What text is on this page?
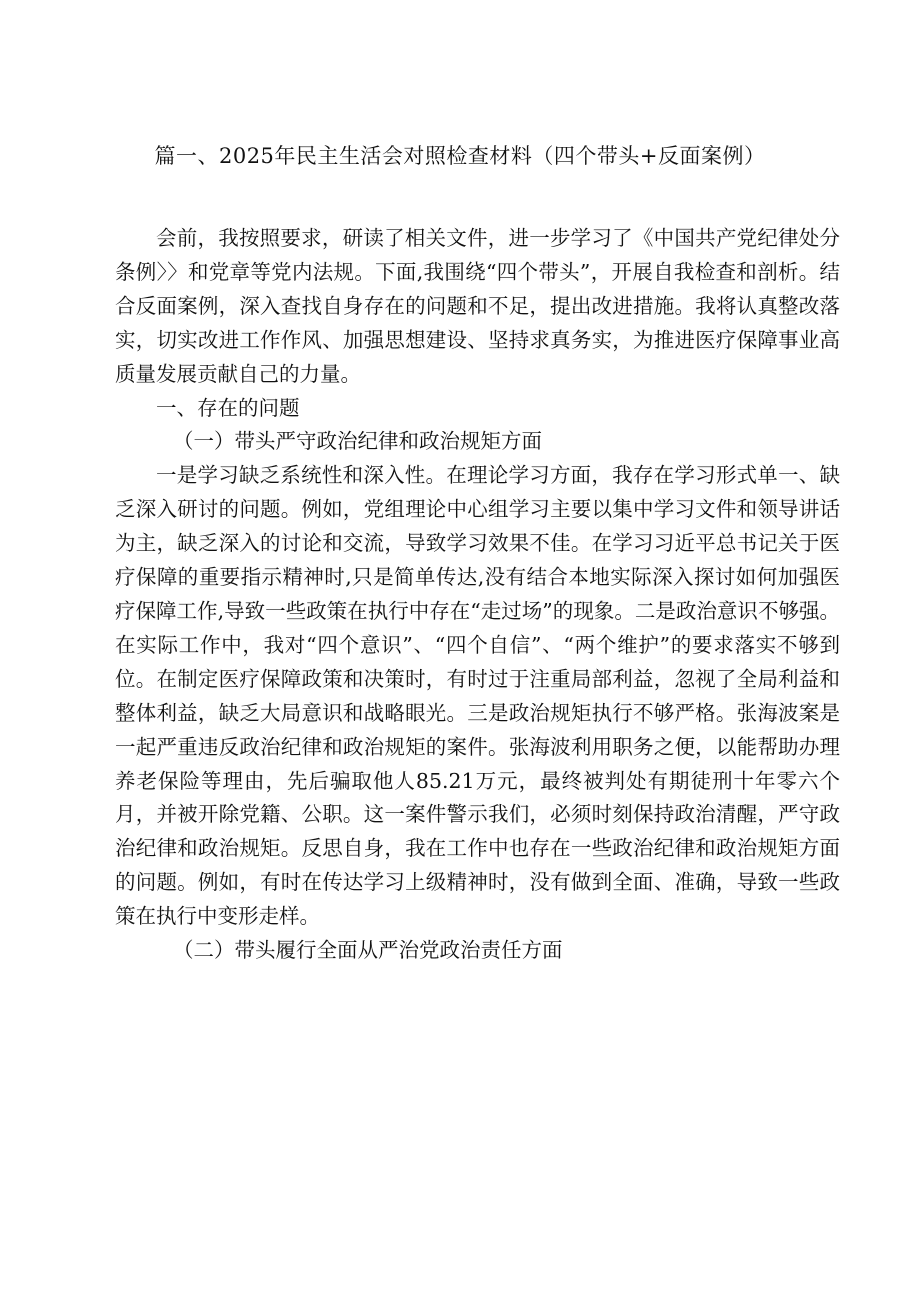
篇一、2025年民主生活会对照检查材料（四个带头+反面案例）

会前，我按照要求，研读了相关文件，进一步学习了《中国共产党纪律处分条例〉〉和党章等党内法规。下面,我围绕“四个带头”，开展自我检查和剖析。结合反面案例，深入查找自身存在的问题和不足，提出改进措施。我将认真整改落实，切实改进工作作风、加强思想建设、坚持求真务实，为推进医疗保障事业高质量发展贡献自己的力量。

一、存在的问题

（一）带头严守政治纪律和政治规矩方面

一是学习缺乏系统性和深入性。在理论学习方面，我存在学习形式单一、缺乏深入研讨的问题。例如，党组理论中心组学习主要以集中学习文件和领导讲话为主，缺乏深入的讨论和交流，导致学习效果不佳。在学习习近平总书记关于医疗保障的重要指示精神时,只是简单传达,没有结合本地实际深入探讨如何加强医疗保障工作,导致一些政策在执行中存在“走过场”的现象。二是政治意识不够强。在实际工作中，我对“四个意识”、“四个自信”、“两个维护”的要求落实不够到位。在制定医疗保障政策和决策时，有时过于注重局部利益，忽视了全局利益和整体利益，缺乏大局意识和战略眼光。三是政治规矩执行不够严格。张海波案是一起严重违反政治纪律和政治规矩的案件。张海波利用职务之便，以能帮助办理养老保险等理由，先后骗取他人85.21万元，最终被判处有期徒刑十年零六个月，并被开除党籍、公职。这一案件警示我们，必须时刻保持政治清醒，严守政治纪律和政治规矩。反思自身，我在工作中也存在一些政治纪律和政治规矩方面的问题。例如，有时在传达学习上级精神时，没有做到全面、准确，导致一些政策在执行中变形走样。

（二）带头履行全面从严治党政治责任方面
